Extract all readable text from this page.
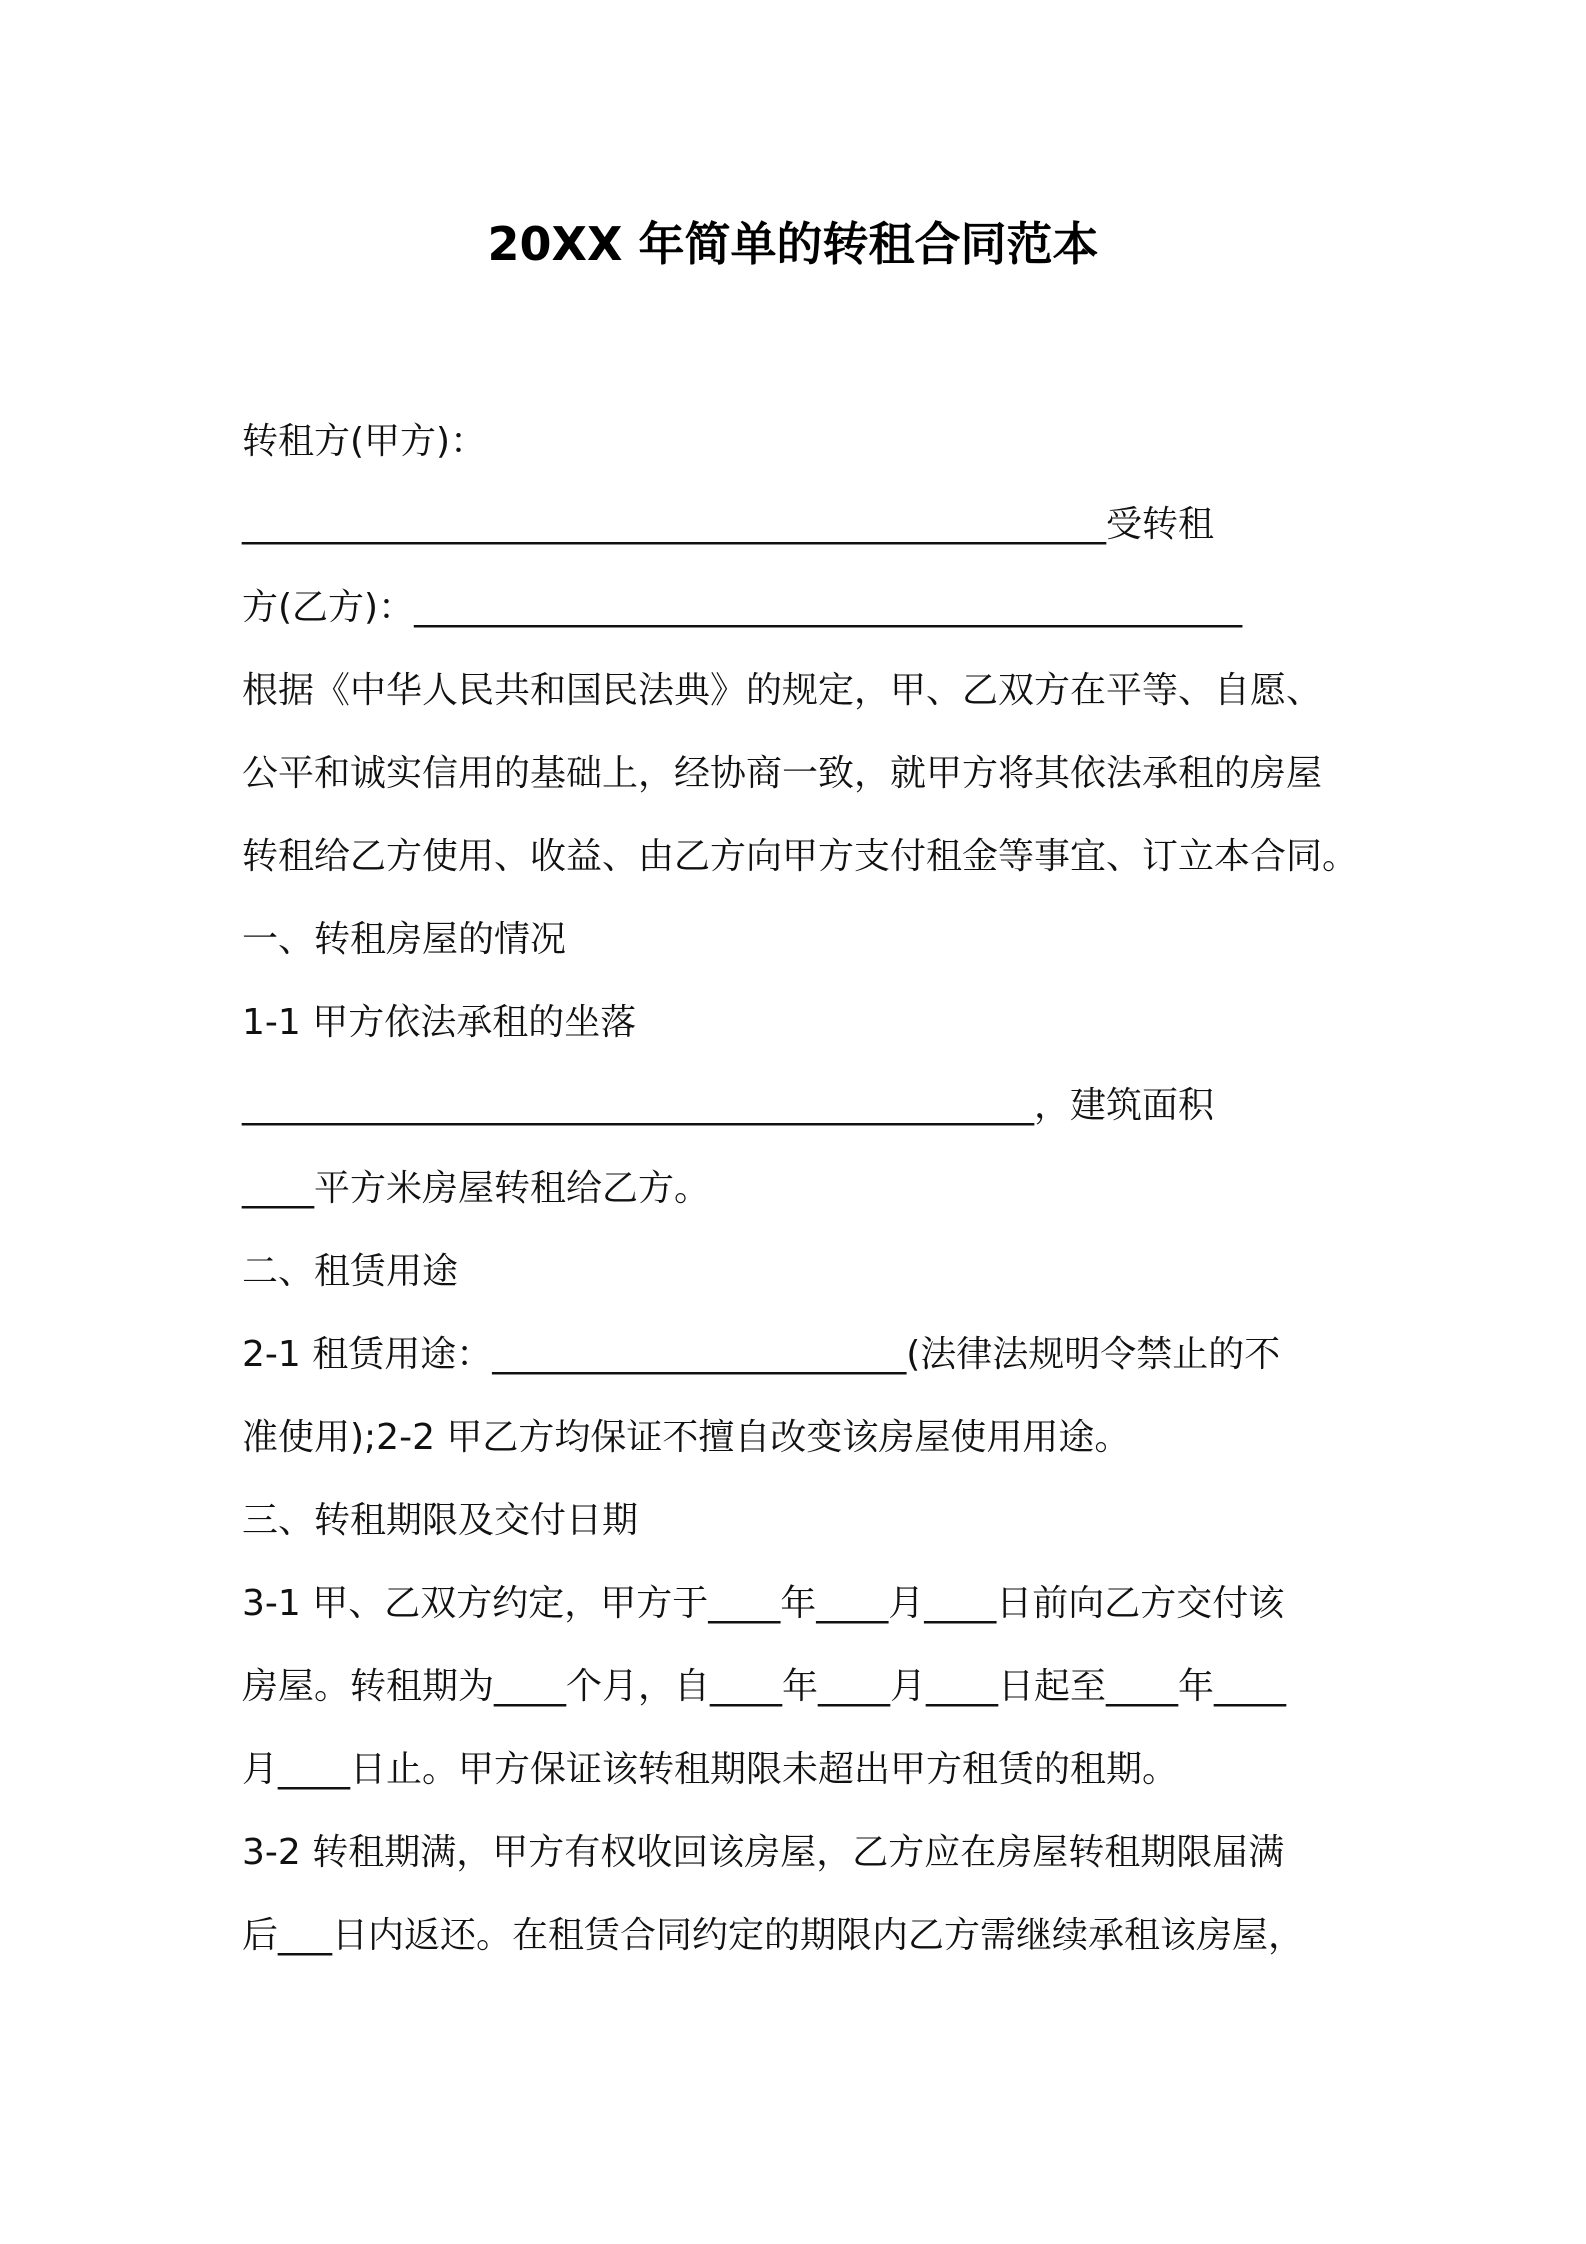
20XX 年简单的转租合同范本
转租方(甲方)：
________________________________________________受转租
方(乙方)：______________________________________________
根据《中华人民共和国民法典》的规定，甲、乙双方在平等、自愿、
公平和诚实信用的基础上，经协商一致，就甲方将其依法承租的房屋
转租给乙方使用、收益、由乙方向甲方支付租金等事宜、订立本合同。
一、转租房屋的情况
1-1 甲方依法承租的坐落
____________________________________________，建筑面积
____平方米房屋转租给乙方。
二、租赁用途
2-1 租赁用途：_______________________(法律法规明令禁止的不
准使用);2-2 甲乙方均保证不擅自改变该房屋使用用途。
三、转租期限及交付日期
3-1 甲、乙双方约定，甲方于____年____月____日前向乙方交付该
房屋。转租期为____个月，自____年____月____日起至____年____
月____日止。甲方保证该转租期限未超出甲方租赁的租期。
3-2 转租期满，甲方有权收回该房屋，乙方应在房屋转租期限届满
后___日内返还。在租赁合同约定的期限内乙方需继续承租该房屋，
